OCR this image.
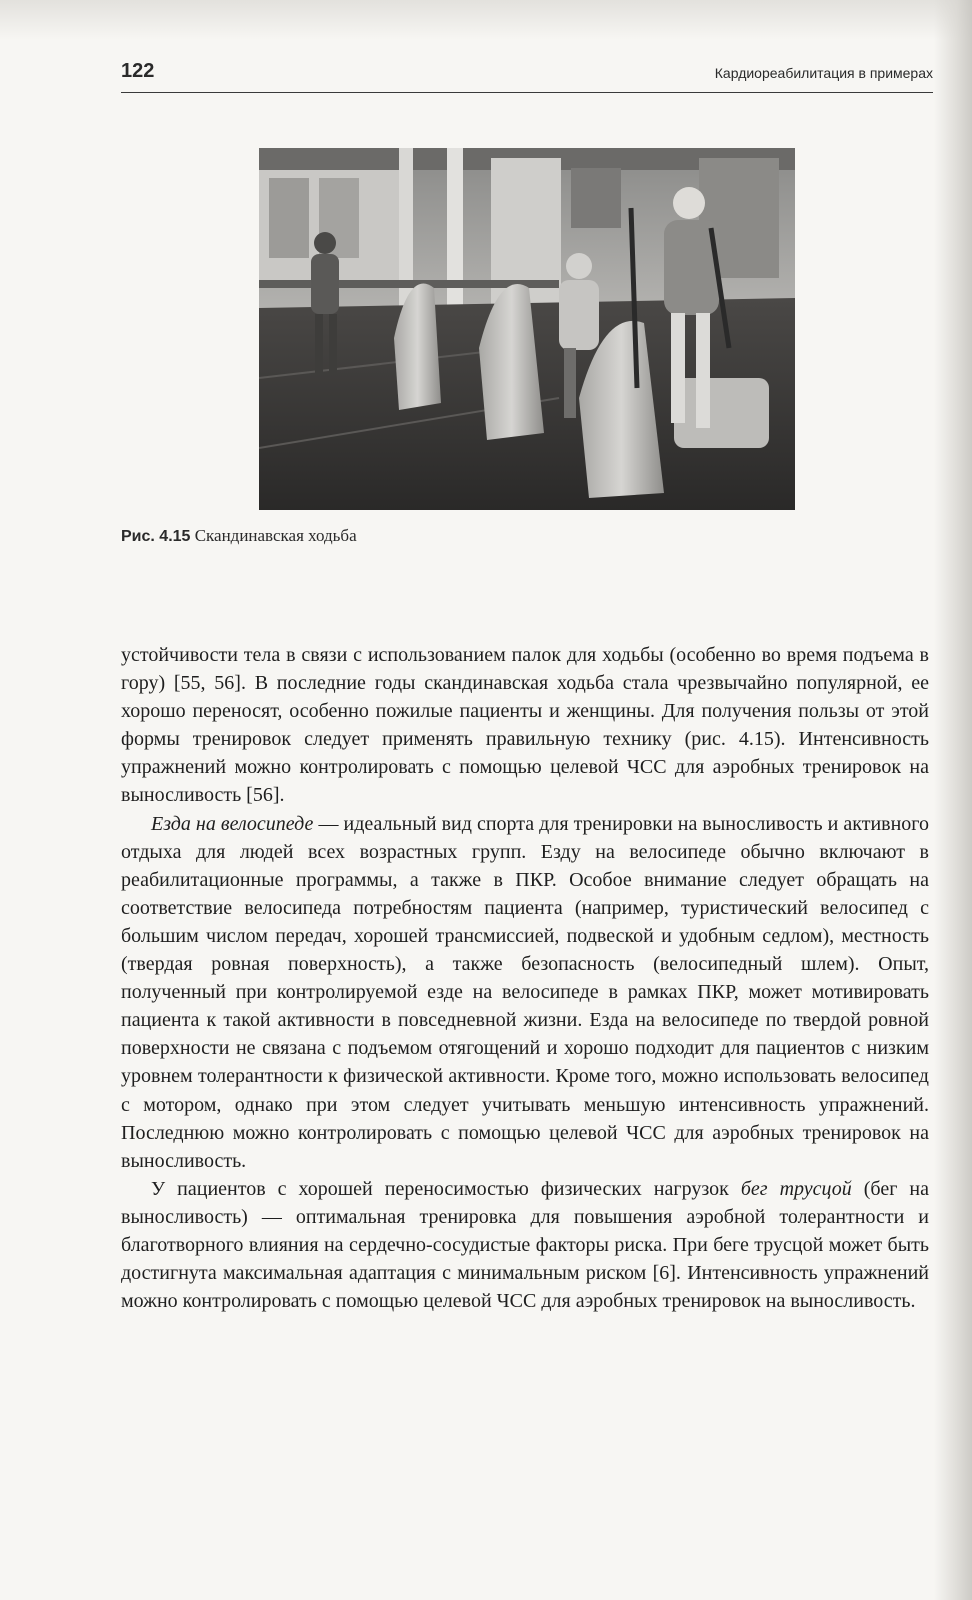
122	Кардиореабилитация в примерах
Рис. 4.15 Скандинавская ходьба

устойчивости тела в связи с использованием палок для ходьбы (особенно во время подъема в гору) [55, 56]. В последние годы скандинавская ходьба стала чрезвычайно популярной, ее хорошо переносят, особенно пожилые пациенты и женщины. Для получения пользы от этой формы тренировок следует применять правильную технику (рис. 4.15). Интенсивность упражнений можно контролировать с помощью целевой ЧСС для аэробных тренировок на выносливость [56].

Езда на велосипеде — идеальный вид спорта для тренировки на выносливость и активного отдыха для людей всех возрастных групп. Езду на велосипеде обычно включают в реабилитационные программы, а также в ПКР. Особое внимание следует обращать на соответствие велосипеда потребностям пациента (например, туристический велосипед с большим числом передач, хорошей трансмиссией, подвеской и удобным седлом), местность (твердая ровная поверхность), а также безопасность (велосипедный шлем). Опыт, полученный при контролируемой езде на велосипеде в рамках ПКР, может мотивировать пациента к такой активности в повседневной жизни. Езда на велосипеде по твердой ровной поверхности не связана с подъемом отягощений и хорошо подходит для пациентов с низким уровнем толерантности к физической активности. Кроме того, можно использовать велосипед с мотором, однако при этом следует учитывать меньшую интенсивность упражнений. Последнюю можно контролировать с помощью целевой ЧСС для аэробных тренировок на выносливость.

У пациентов с хорошей переносимостью физических нагрузок бег трусцой (бег на выносливость) — оптимальная тренировка для повышения аэробной толерантности и благотворного влияния на сердечно-сосудистые факторы риска. При беге трусцой может быть достигнута максимальная адаптация с минимальным риском [6]. Интенсивность упражнений можно контролировать с помощью целевой ЧСС для аэробных тренировок на выносливость.
